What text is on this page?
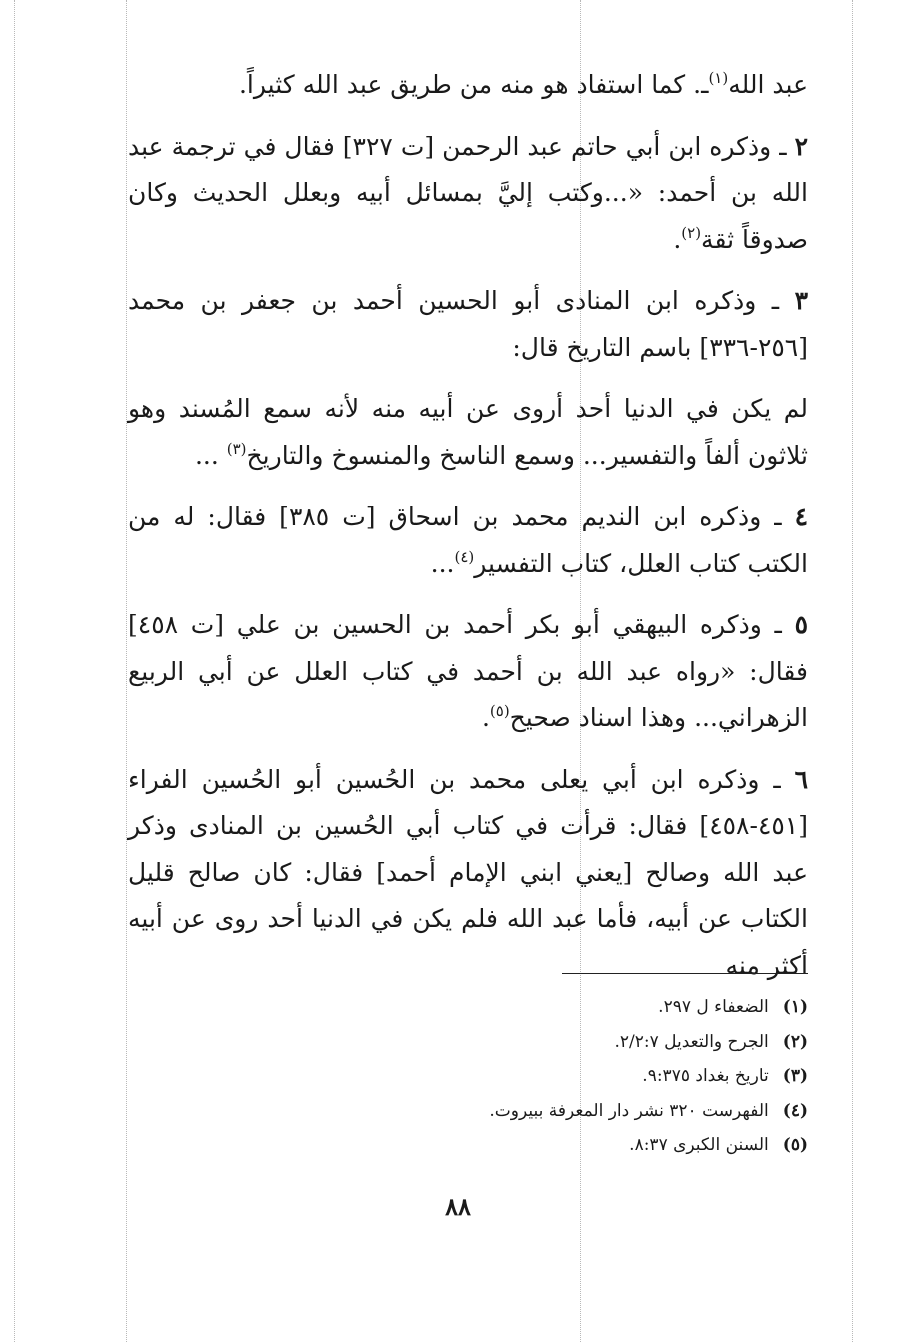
عبد الله$^{(١)}$ـ. كما استفاد هو منه من طريق عبد الله كثيراً.

٢ ـ وذكره ابن أبي حاتم عبد الرحمن [ت ٣٢٧] فقال في ترجمة عبد الله بن أحمد: «...وكتب إليَّ بمسائل أبيه وبعلل الحديث وكان صدوقاً ثقة$^{(٢)}$.

٣ ـ وذكره ابن المنادى أبو الحسين أحمد بن جعفر بن محمد [٢٥٦-٣٣٦] باسم التاريخ قال:

لم يكن في الدنيا أحد أروى عن أبيه منه لأنه سمع المُسند وهو ثلاثون ألفاً والتفسير... وسمع الناسخ والمنسوخ والتاريخ$^{(٣)}$ ...

٤ ـ وذكره ابن النديم محمد بن اسحاق [ت ٣٨٥] فقال: له من الكتب كتاب العلل، كتاب التفسير$^{(٤)}$...

٥ ـ وذكره البيهقي أبو بكر أحمد بن الحسين بن علي [ت ٤٥٨] فقال: «رواه عبد الله بن أحمد في كتاب العلل عن أبي الربيع الزهراني... وهذا اسناد صحيح$^{(٥)}$.

٦ ـ وذكره ابن أبي يعلى محمد بن الحُسين أبو الحُسين الفراء [٤٥١-٤٥٨] فقال: قرأت في كتاب أبي الحُسين بن المنادى وذكر عبد الله وصالح [يعني ابني الإمام أحمد] فقال: كان صالح قليل الكتاب عن أبيه، فأما عبد الله فلم يكن في الدنيا أحد روى عن أبيه أكثر منه

(١)الضعفاء ل ٢٩٧.
(٢)الجرح والتعديل ٢/٢:٧.
(٣)تاريخ بغداد ٩:٣٧٥.
(٤)الفهرست ٣٢٠ نشر دار المعرفة ببيروت.
(٥)السنن الكبرى ٨:٣٧.
٨٨
